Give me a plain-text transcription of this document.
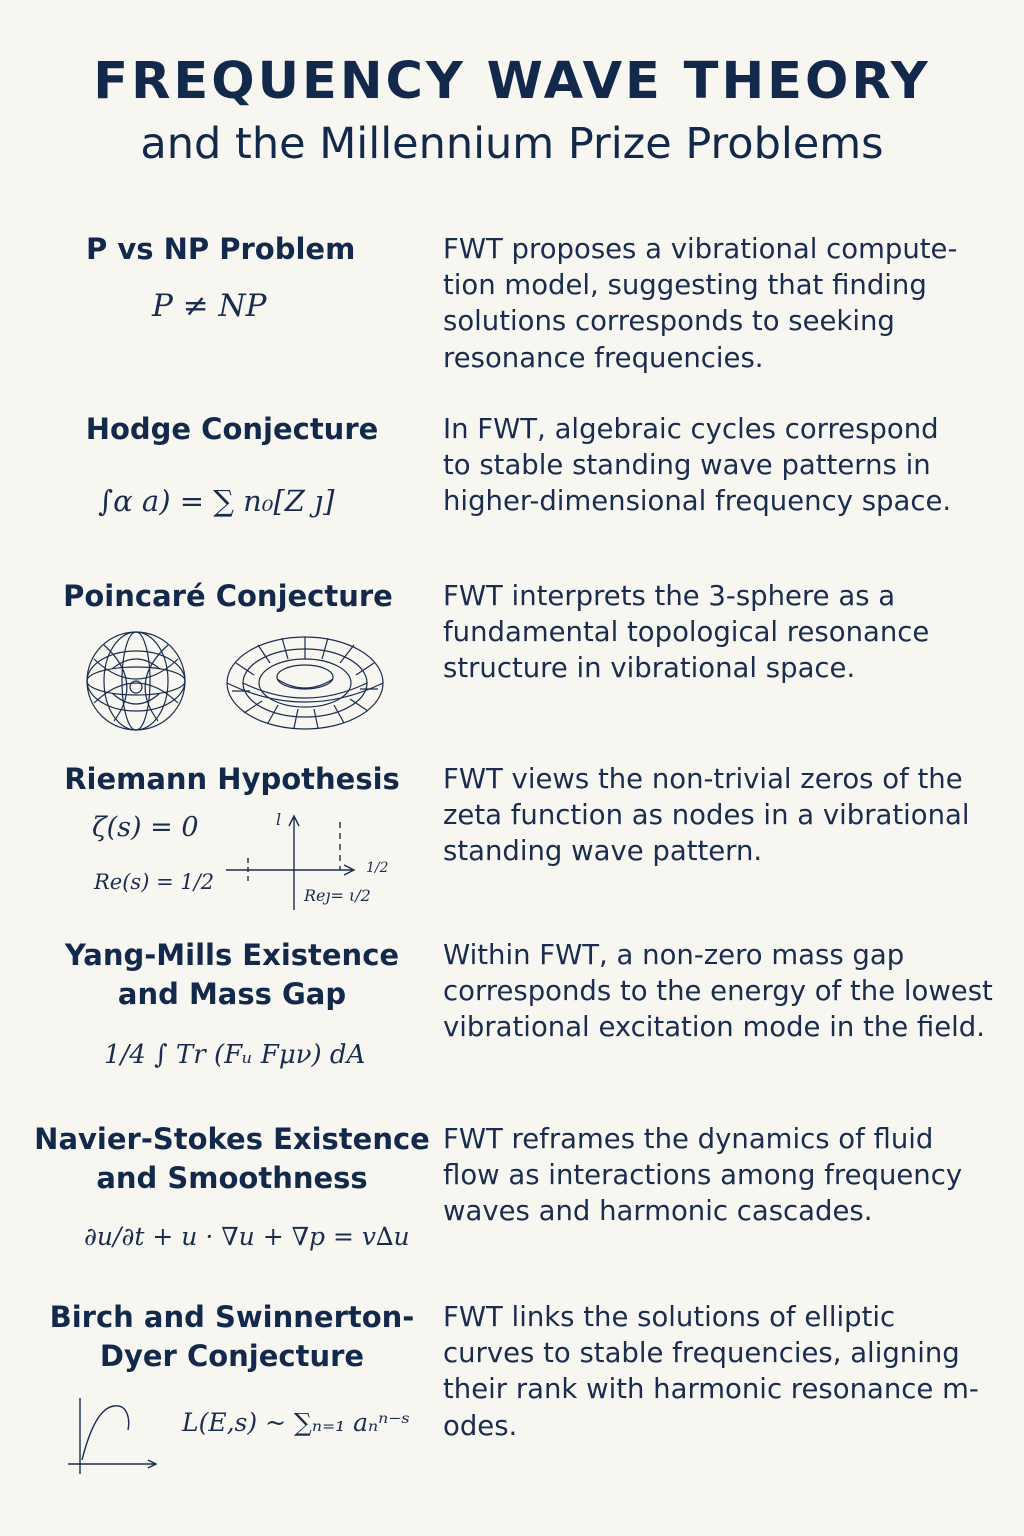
FREQUENCY WAVE THEORY
and the Millennium Prize Problems
P vs NP Problem
P ≠ NP
FWT proposes a vibrational compute-
tion model, suggesting that finding
solutions corresponds to seeking
resonance frequencies.
Hodge Conjecture
∫α a) = ∑ n₀[Z ȷ]
In FWT, algebraic cycles correspond
to stable standing wave patterns in
higher-dimensional frequency space.
Poincaré Conjecture	FWT interprets the 3-sphere as a
fundamental topological resonance
structure in vibrational space.
Riemann Hypothesis
ζ(s) = 0
Re(s) = 1/2
l
Reȷ= ι/2
1/2
FWT views the non-trivial zeros of the
zeta function as nodes in a vibrational
standing wave pattern.
Yang-Mills Existence
and Mass Gap
1/4 ∫ Tr (Fᵤ Fμν) dA
Within FWT, a non-zero mass gap
corresponds to the energy of the lowest
vibrational excitation mode in the field.
Navier-Stokes Existence
and Smoothness
∂u/∂t + u · ∇u + ∇p = v∆u
FWT reframes the dynamics of fluid
flow as interactions among frequency
waves and harmonic cascades.
Birch and Swinnerton-
Dyer Conjecture
L(E,s) ~ ∑ₙ₌₁ aₙⁿ⁻ˢ
FWT links the solutions of elliptic
curves to stable frequencies, aligning
their rank with harmonic resonance m-
odes.
